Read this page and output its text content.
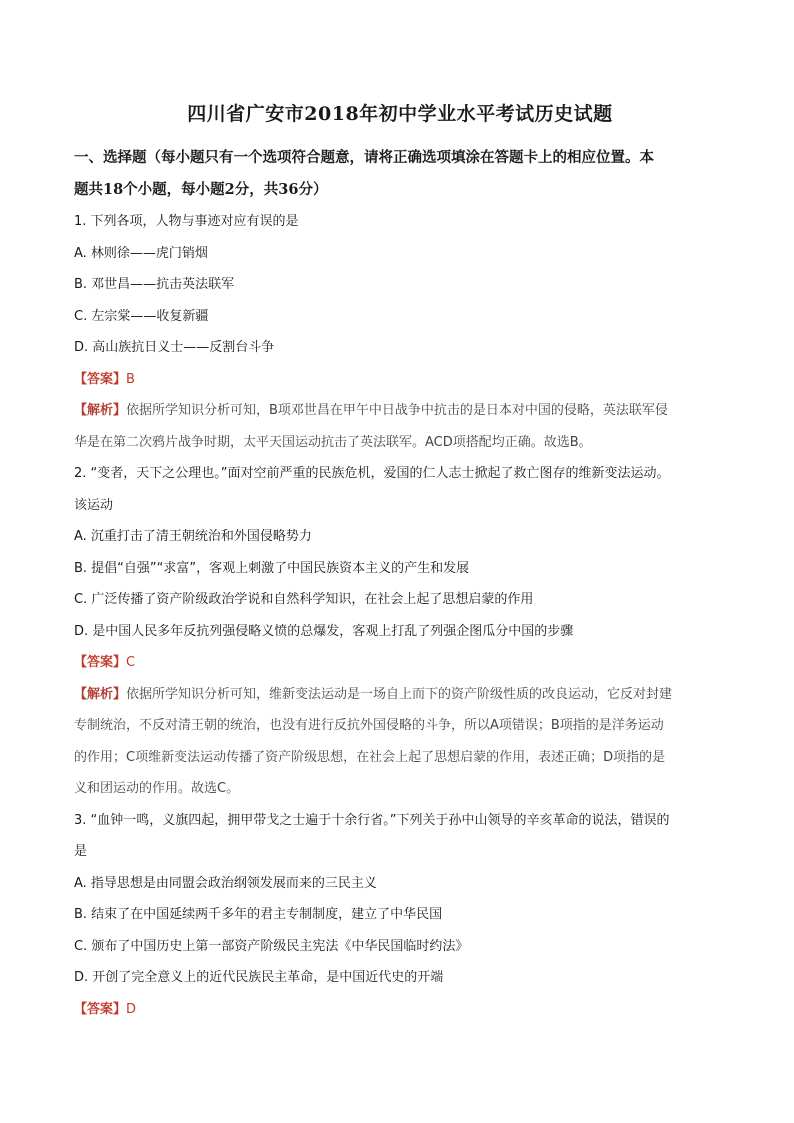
四川省广安市2018年初中学业水平考试历史试题

一、选择题（每小题只有一个选项符合题意，请将正确选项填涂在答题卡上的相应位置。本

题共18个小题，每小题2分，共36分）

1. 下列各项，人物与事迹对应有误的是

A. 林则徐——虎门销烟

B. 邓世昌——抗击英法联军

C. 左宗棠——收复新疆

D. 高山族抗日义士——反割台斗争

【答案】B

【解析】依据所学知识分析可知，B项邓世昌在甲午中日战争中抗击的是日本对中国的侵略，英法联军侵

华是在第二次鸦片战争时期，太平天国运动抗击了英法联军。ACD项搭配均正确。故选B。

2. “变者，天下之公理也。”面对空前严重的民族危机，爱国的仁人志士掀起了救亡图存的维新变法运动。

该运动

A. 沉重打击了清王朝统治和外国侵略势力

B. 提倡“自强”“求富”，客观上刺激了中国民族资本主义的产生和发展

C. 广泛传播了资产阶级政治学说和自然科学知识，在社会上起了思想启蒙的作用

D. 是中国人民多年反抗列强侵略义愤的总爆发，客观上打乱了列强企图瓜分中国的步骤

【答案】C

【解析】依据所学知识分析可知，维新变法运动是一场自上而下的资产阶级性质的改良运动，它反对封建

专制统治，不反对清王朝的统治，也没有进行反抗外国侵略的斗争，所以A项错误；B项指的是洋务运动

的作用；C项维新变法运动传播了资产阶级思想，在社会上起了思想启蒙的作用，表述正确；D项指的是

义和团运动的作用。故选C。

3. “血钟一鸣，义旗四起，拥甲带戈之士遍于十余行省。”下列关于孙中山领导的辛亥革命的说法，错误的

是

A. 指导思想是由同盟会政治纲领发展而来的三民主义

B. 结束了在中国延续两千多年的君主专制制度，建立了中华民国

C. 颁布了中国历史上第一部资产阶级民主宪法《中华民国临时约法》

D. 开创了完全意义上的近代民族民主革命，是中国近代史的开端

【答案】D
